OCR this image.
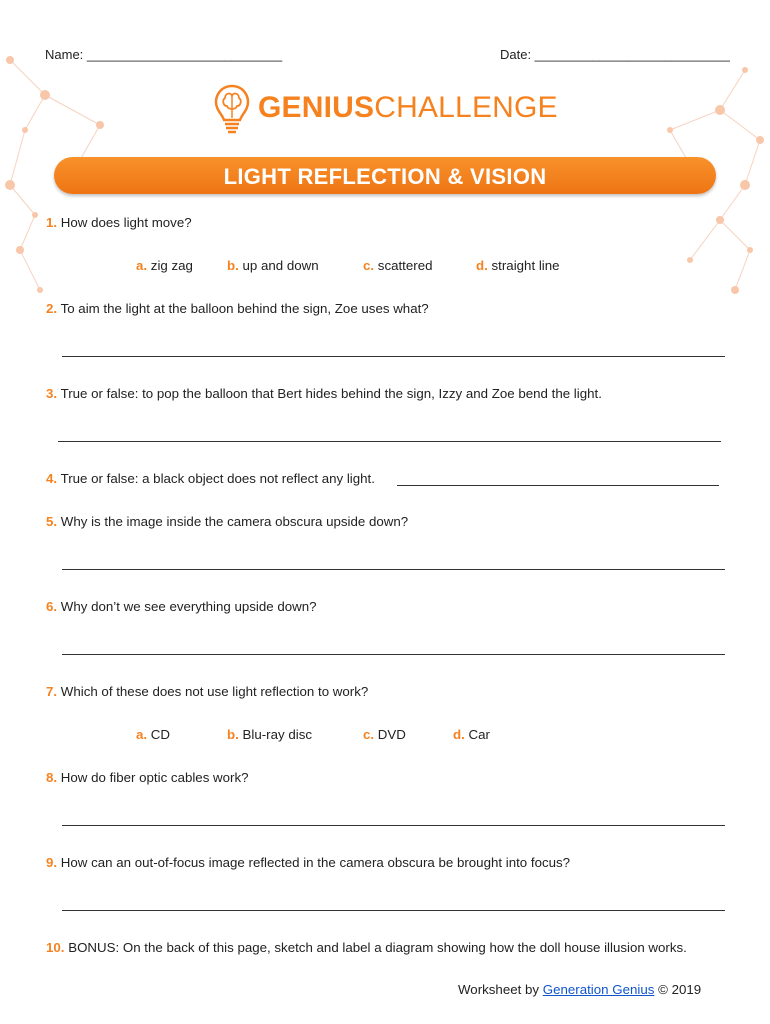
Name: ___________________________	Date: ___________________________
GENIUSCHALLENGE
LIGHT REFLECTION & VISION
1. How does light move?
a. zig zag	b. up and down	c. scattered	d. straight line
2. To aim the light at the balloon behind the sign, Zoe uses what?
3. True or false: to pop the balloon that Bert hides behind the sign, Izzy and Zoe bend the light.
4. True or false: a black object does not reflect any light.
5. Why is the image inside the camera obscura upside down?
6. Why don’t we see everything upside down?
7. Which of these does not use light reflection to work?
a. CD	b. Blu-ray disc	c. DVD	d. Car
8. How do fiber optic cables work?
9. How can an out-of-focus image reflected in the camera obscura be brought into focus?
10. BONUS: On the back of this page, sketch and label a diagram showing how the doll house illusion works.
Worksheet by Generation Genius © 2019
